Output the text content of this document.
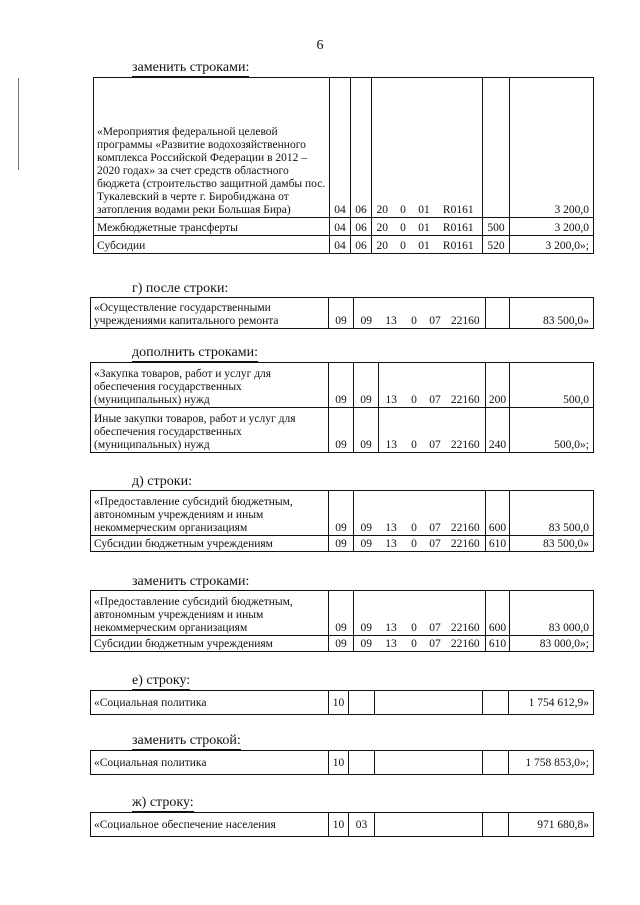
6
заменить строками:
«Мероприятия федеральной целевой программы «Развитие водохозяйственного комплекса Российской Федерации в 2012 – 2020 годах» за счет средств областного бюджета (строительство защитной дамбы пос. Тукалевский в черте г. Биробиджана от затопления водами реки Большая Бира)	04	06	20	0	01	R0161		3 200,0
Межбюджетные трансферты	04	06	20	0	01	R0161	500	3 200,0
Субсидии	04	06	20	0	01	R0161	520	3 200,0»;
г) после строки:
«Осуществление государственными учреждениями капитального ремонта	09	09	13	0	07	22160		83 500,0»
дополнить строками:
«Закупка товаров, работ и услуг для обеспечения государственных (муниципальных) нужд	09	09	13	0	07	22160	200	500,0
Иные закупки товаров, работ и услуг для обеспечения государственных (муниципальных) нужд	09	09	13	0	07	22160	240	500,0»;
д) строки:
«Предоставление субсидий бюджетным, автономным учреждениям и иным некоммерческим организациям	09	09	13	0	07	22160	600	83 500,0
Субсидии бюджетным учреждениям	09	09	13	0	07	22160	610	83 500,0»
заменить строками:
«Предоставление субсидий бюджетным, автономным учреждениям и иным некоммерческим организациям	09	09	13	0	07	22160	600	83 000,0
Субсидии бюджетным учреждениям	09	09	13	0	07	22160	610	83 000,0»;
е) строку:
«Социальная политика	10							1 754 612,9»
заменить строкой:
«Социальная политика	10							1 758 853,0»;
ж) строку:
«Социальное обеспечение населения	10	03						971 680,8»
